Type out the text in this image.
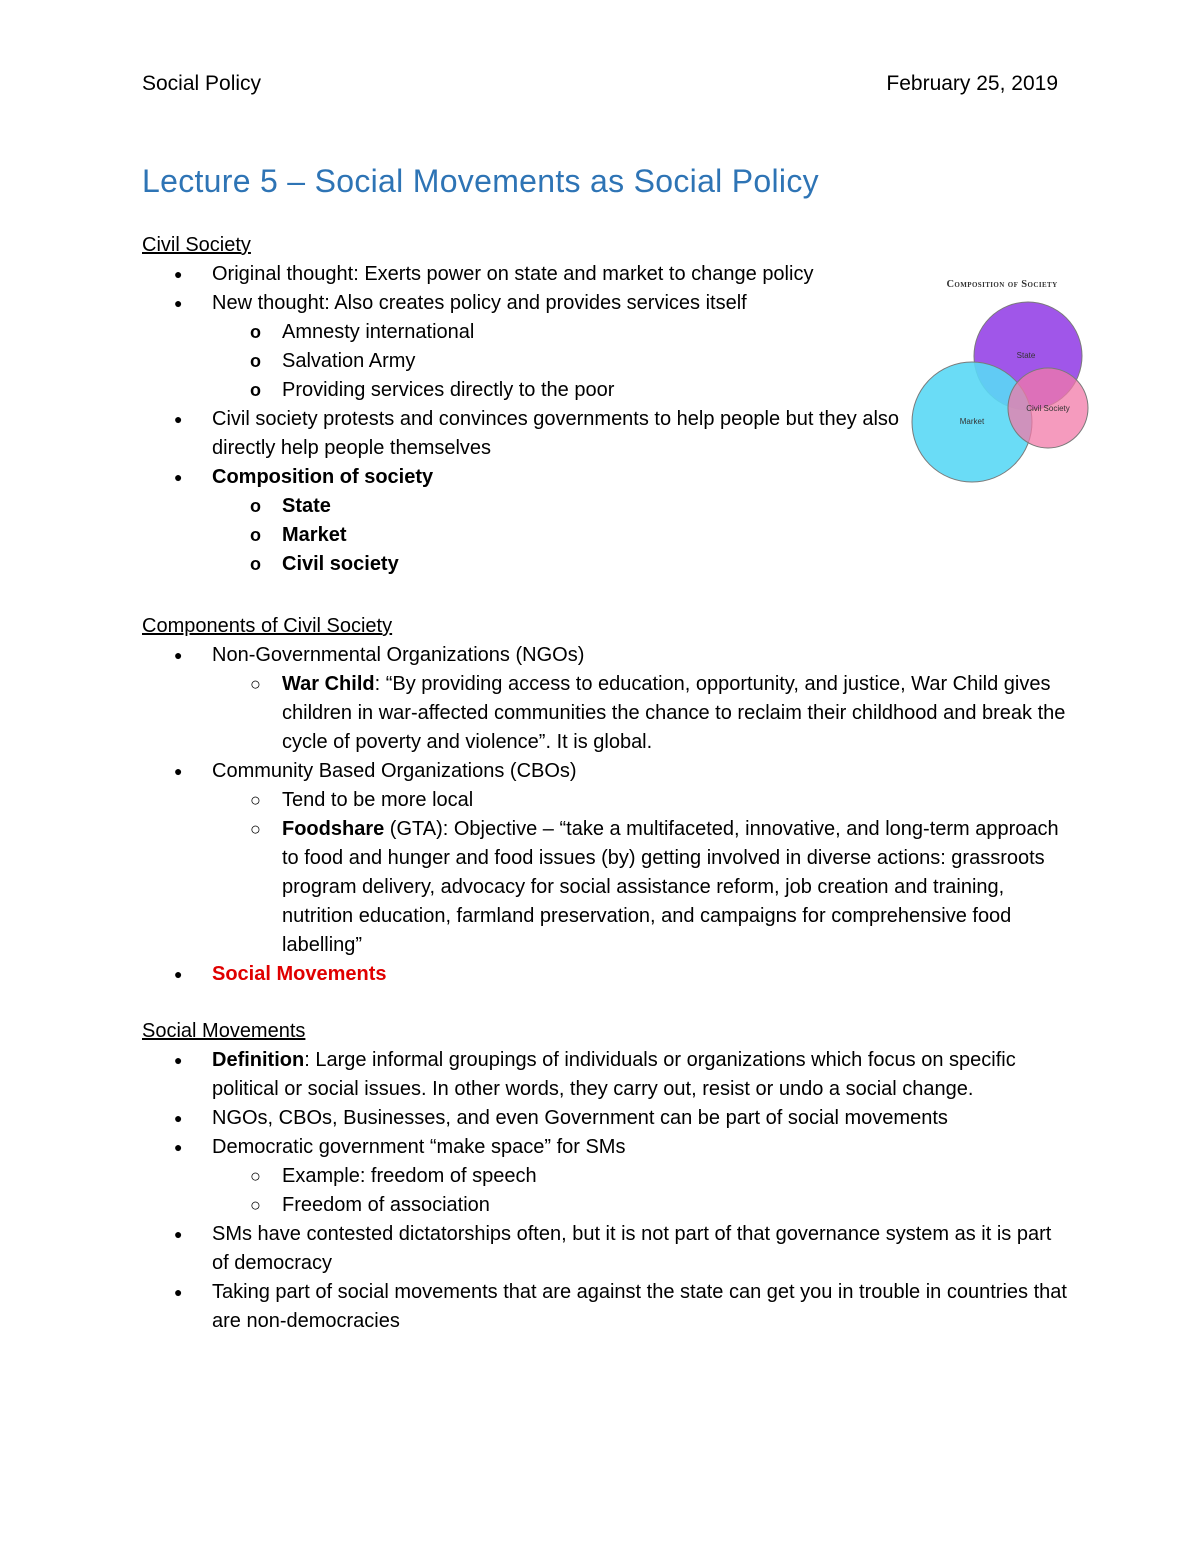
Social Policy	February 25, 2019
Lecture 5 – Social Movements as Social Policy
Civil Society
● Original thought: Exerts power on state and market to change policy
● New thought: Also creates policy and provides services itself
o Amnesty international
o Salvation Army
o Providing services directly to the poor
● Civil society protests and convinces governments to help people but they also directly help people themselves
● Composition of society
o State
o Market
o Civil society
Composition of Society
State
Market
Civil Society
Components of Civil Society
● Non-Governmental Organizations (NGOs)
○ War Child: “By providing access to education, opportunity, and justice, War Child gives children in war-affected communities the chance to reclaim their childhood and break the cycle of poverty and violence”. It is global.
● Community Based Organizations (CBOs)
○ Tend to be more local
○ Foodshare (GTA): Objective – “take a multifaceted, innovative, and long-term approach to food and hunger and food issues (by) getting involved in diverse actions: grassroots program delivery, advocacy for social assistance reform, job creation and training, nutrition education, farmland preservation, and campaigns for comprehensive food labelling”
● Social Movements
Social Movements
● Definition: Large informal groupings of individuals or organizations which focus on specific political or social issues. In other words, they carry out, resist or undo a social change.
● NGOs, CBOs, Businesses, and even Government can be part of social movements
● Democratic government “make space” for SMs
○ Example: freedom of speech
○ Freedom of association
● SMs have contested dictatorships often, but it is not part of that governance system as it is part of democracy
● Taking part of social movements that are against the state can get you in trouble in countries that are non-democracies
